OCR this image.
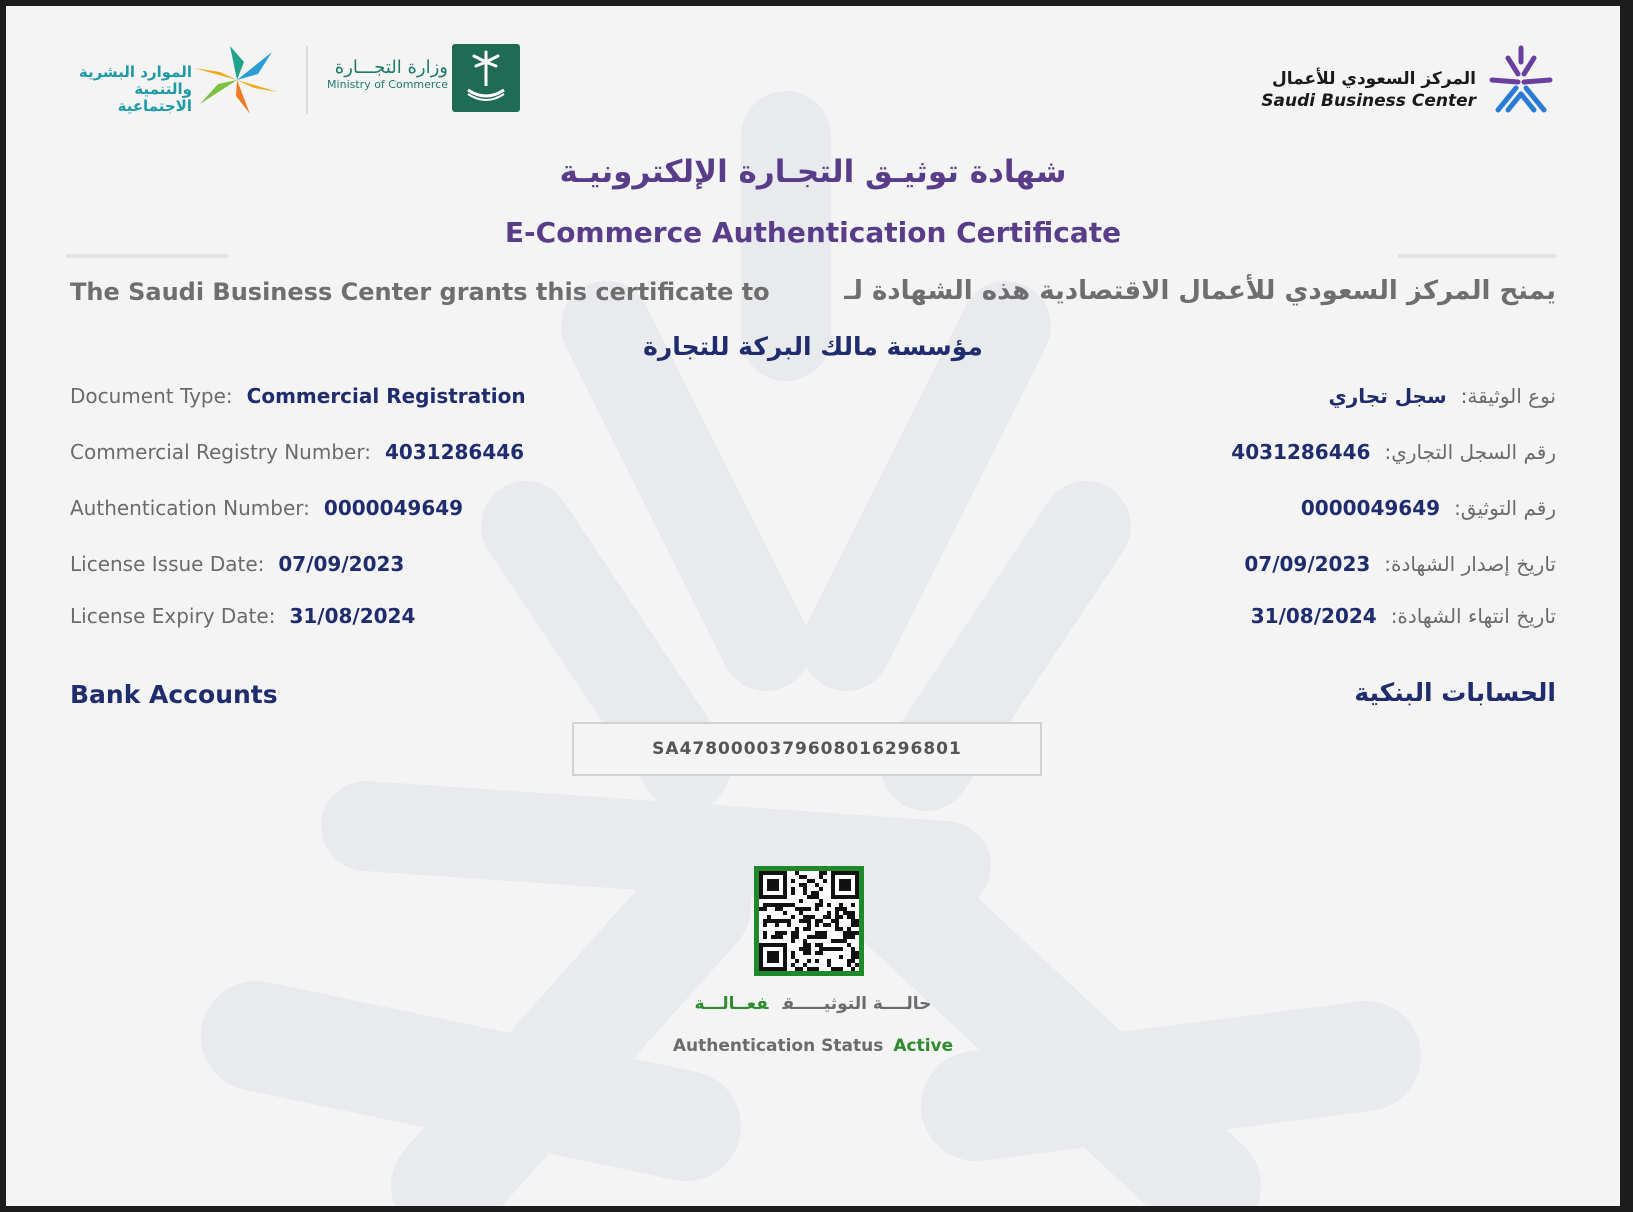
الموارد البشرية
والتنمية الاجتماعية
وزارة التجـــارة
Ministry of Commerce	المركز السعودي للأعمال
Saudi Business Center
شهادة توثيـق التجـارة الإلكترونيـة
E-Commerce Authentication Certificate
The Saudi Business Center grants this certificate to	يمنح المركز السعودي للأعمال الاقتصادية هذه الشهادة لـ
مؤسسة مالك البركة للتجارة
Document Type: Commercial Registration	نوع الوثيقة:سجل تجاري
Commercial Registry Number: 4031286446	رقم السجل التجاري:4031286446
Authentication Number: 0000049649	رقم التوثيق:0000049649
License Issue Date: 07/09/2023	تاريخ إصدار الشهادة:07/09/2023
License Expiry Date: 31/08/2024	تاريخ انتهاء الشهادة:31/08/2024
Bank Accounts	الحسابات البنكية
SA4780000379608016296801
حالــــة التوثيـــــقفعــالـــة
Authentication Status Active
